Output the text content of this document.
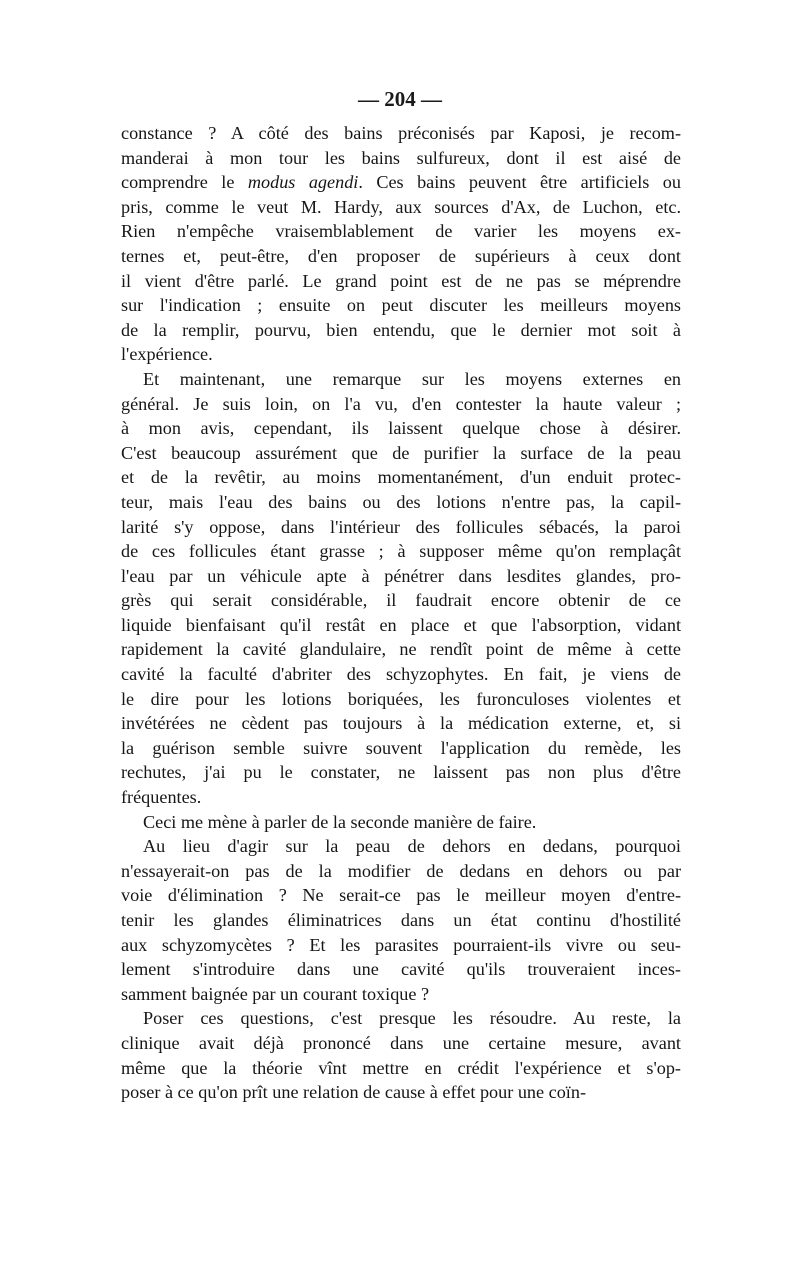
— 204 —

constance ? A côté des bains préconisés par Kaposi, je recom-
manderai à mon tour les bains sulfureux, dont il est aisé de
comprendre le modus agendi. Ces bains peuvent être artificiels ou
pris, comme le veut M. Hardy, aux sources d'Ax, de Luchon, etc.
Rien n'empêche vraisemblablement de varier les moyens ex-
ternes et, peut-être, d'en proposer de supérieurs à ceux dont
il vient d'être parlé. Le grand point est de ne pas se méprendre
sur l'indication ; ensuite on peut discuter les meilleurs moyens
de la remplir, pourvu, bien entendu, que le dernier mot soit à
l'expérience.

Et maintenant, une remarque sur les moyens externes en
général. Je suis loin, on l'a vu, d'en contester la haute valeur ;
à mon avis, cependant, ils laissent quelque chose à désirer.
C'est beaucoup assurément que de purifier la surface de la peau
et de la revêtir, au moins momentanément, d'un enduit protec-
teur, mais l'eau des bains ou des lotions n'entre pas, la capil-
larité s'y oppose, dans l'intérieur des follicules sébacés, la paroi
de ces follicules étant grasse ; à supposer même qu'on remplaçât
l'eau par un véhicule apte à pénétrer dans lesdites glandes, pro-
grès qui serait considérable, il faudrait encore obtenir de ce
liquide bienfaisant qu'il restât en place et que l'absorption, vidant
rapidement la cavité glandulaire, ne rendît point de même à cette
cavité la faculté d'abriter des schyzophytes. En fait, je viens de
le dire pour les lotions boriquées, les furonculoses violentes et
invétérées ne cèdent pas toujours à la médication externe, et, si
la guérison semble suivre souvent l'application du remède, les
rechutes, j'ai pu le constater, ne laissent pas non plus d'être
fréquentes.

Ceci me mène à parler de la seconde manière de faire.

Au lieu d'agir sur la peau de dehors en dedans, pourquoi
n'essayerait-on pas de la modifier de dedans en dehors ou par
voie d'élimination ? Ne serait-ce pas le meilleur moyen d'entre-
tenir les glandes éliminatrices dans un état continu d'hostilité
aux schyzomycètes ? Et les parasites pourraient-ils vivre ou seu-
lement s'introduire dans une cavité qu'ils trouveraient inces-
samment baignée par un courant toxique ?

Poser ces questions, c'est presque les résoudre. Au reste, la
clinique avait déjà prononcé dans une certaine mesure, avant
même que la théorie vînt mettre en crédit l'expérience et s'op-
poser à ce qu'on prît une relation de cause à effet pour une coïn-
